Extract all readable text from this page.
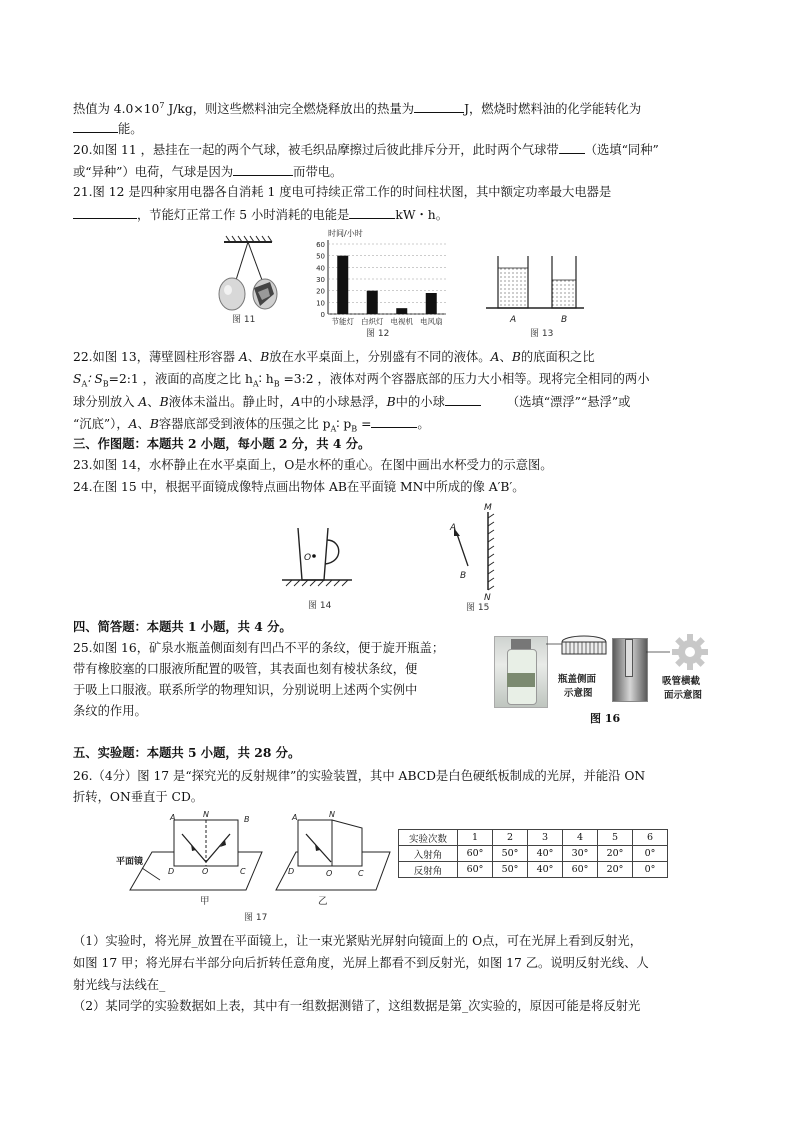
热值为 $4.0\times 10^7$ J/kg，则这些燃料油完全燃烧释放出的热量为	J，燃烧时燃料油的化学能转化为
能。
20.如图 11 ，悬挂在一起的两个气球，被毛织品摩擦过后彼此排斥分开，此时两个气球带 （选填“同种”
或“异种”）电荷，气球是因为	而带电。
21.图 12 是四种家用电器各自消耗 1 度电可持续正常工作的时间柱状图，其中额定功率最大电器是
，节能灯正常工作 5 小时消耗的电能是	kW・h。
图 11
时间/小时
0
10
20
30
40
50
60
节能灯 白炽灯 电视机 电风扇
图 12
A	B
图 13
22.如图 13，薄壁圆柱形容器 A、B放在水平桌面上，分别盛有不同的液体。A、B的底面积之比
$S_A∶$ $S_B=2:1$ ，液面的高度之比 $h_A∶$ $h_B$ =3:2 ，液体对两个容器底部的压力大小相等。现将完全相同的两小
球分别放入 A、B液体未溢出。静止时，A中的小球悬浮，B中的小球	（选填“漂浮”“悬浮”或
“沉底”），A、B容器底部受到液体的压强之比 $p_A∶$ $p_B$ =	。
三、作图题：本题共 2 小题，每小题 2 分，共 4 分。
23.如图 14，水杯静止在水平桌面上，O是水杯的重心。在图中画出水杯受力的示意图。
24.在图 15 中，根据平面镜成像特点画出物体 AB在平面镜 MN中所成的像 A′B′。
O
图 14
M
N
A
B
图 15
四、简答题：本题共 1 小题，共 4 分。
25.如图 16，矿泉水瓶盖侧面刻有凹凸不平的条纹，便于旋开瓶盖；
带有橡胶塞的口服液所配置的吸管，其表面也刻有棱状条纹，便
于吸上口服液。联系所学的物理知识，分别说明上述两个实例中
条纹的作用。
瓶盖侧面
示意图
吸管横截
面示意图
图 16
五、实验题：本题共 5 小题，共 28 分。
26.（4分）图 17 是“探究光的反射规律”的实验装置，其中 ABCD是白色硬纸板制成的光屏，并能沿 ON
折转，ON垂直于 CD。
A	N
B
D	O	C
平面镜
甲
A	N
D	O	C
乙
图 17
实验次数	1	2	3	4	5	6
入射角	60°	50°	40°	30°	20°	0°
反射角	60°	50°	40°	60°	20°	0°
（1）实验时，将光屏_放置在平面镜上，让一束光紧贴光屏射向镜面上的 O点，可在光屏上看到反射光，
如图 17 甲；将光屏右半部分向后折转任意角度，光屏上都看不到反射光，如图 17 乙。说明反射光线、人
射光线与法线在_
（2）某同学的实验数据如上表，其中有一组数据测错了，这组数据是第_次实验的，原因可能是将反射光
